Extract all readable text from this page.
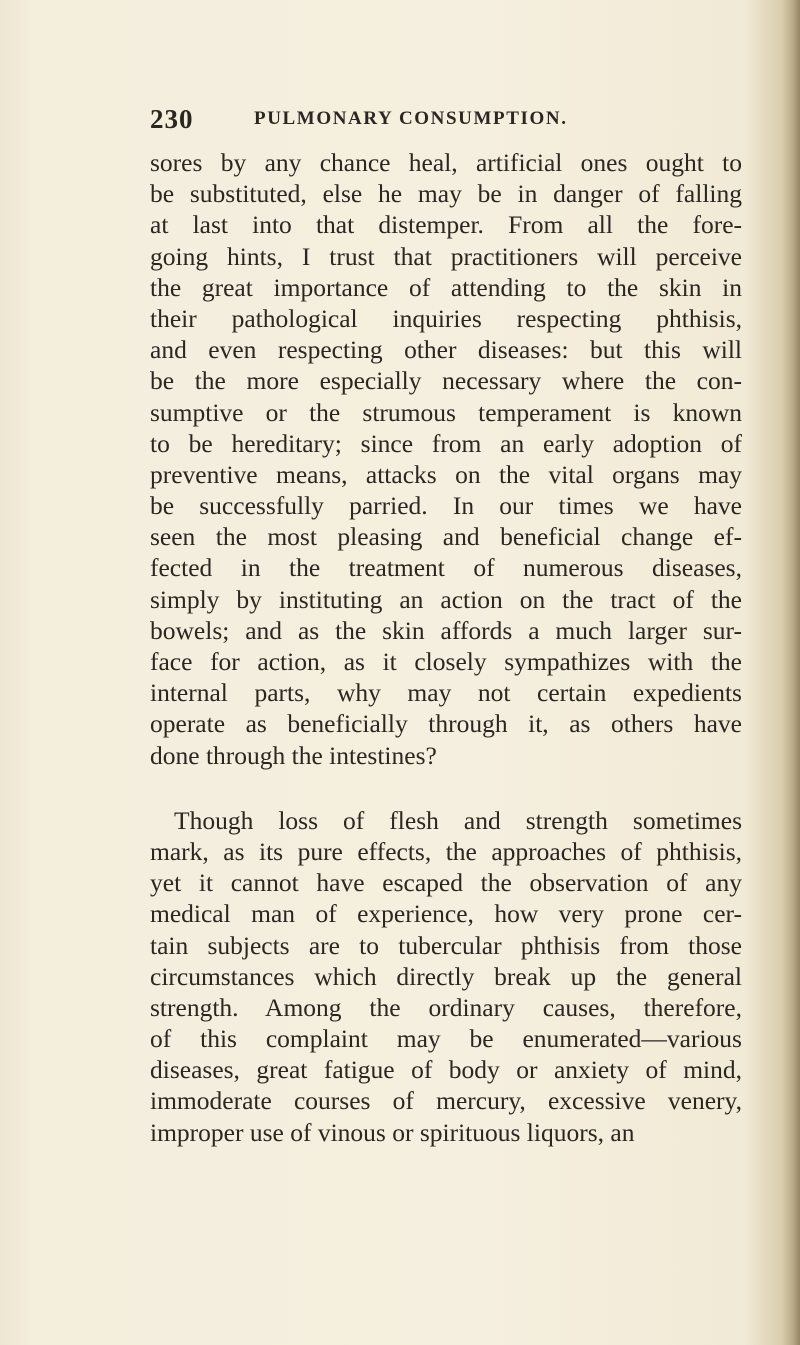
230	PULMONARY CONSUMPTION.

sores by any chance heal, artificial ones ought to
be substituted, else he may be in danger of falling
at last into that distemper. From all the fore-
going hints, I trust that practitioners will perceive
the great importance of attending to the skin in
their pathological inquiries respecting phthisis,
and even respecting other diseases: but this will
be the more especially necessary where the con-
sumptive or the strumous temperament is known
to be hereditary; since from an early adoption of
preventive means, attacks on the vital organs may
be successfully parried. In our times we have
seen the most pleasing and beneficial change ef-
fected in the treatment of numerous diseases,
simply by instituting an action on the tract of the
bowels; and as the skin affords a much larger sur-
face for action, as it closely sympathizes with the
internal parts, why may not certain expedients
operate as beneficially through it, as others have
done through the intestines?

Though loss of flesh and strength sometimes
mark, as its pure effects, the approaches of phthisis,
yet it cannot have escaped the observation of any
medical man of experience, how very prone cer-
tain subjects are to tubercular phthisis from those
circumstances which directly break up the general
strength. Among the ordinary causes, therefore,
of this complaint may be enumerated—various
diseases, great fatigue of body or anxiety of mind,
immoderate courses of mercury, excessive venery,
improper use of vinous or spirituous liquors, an
